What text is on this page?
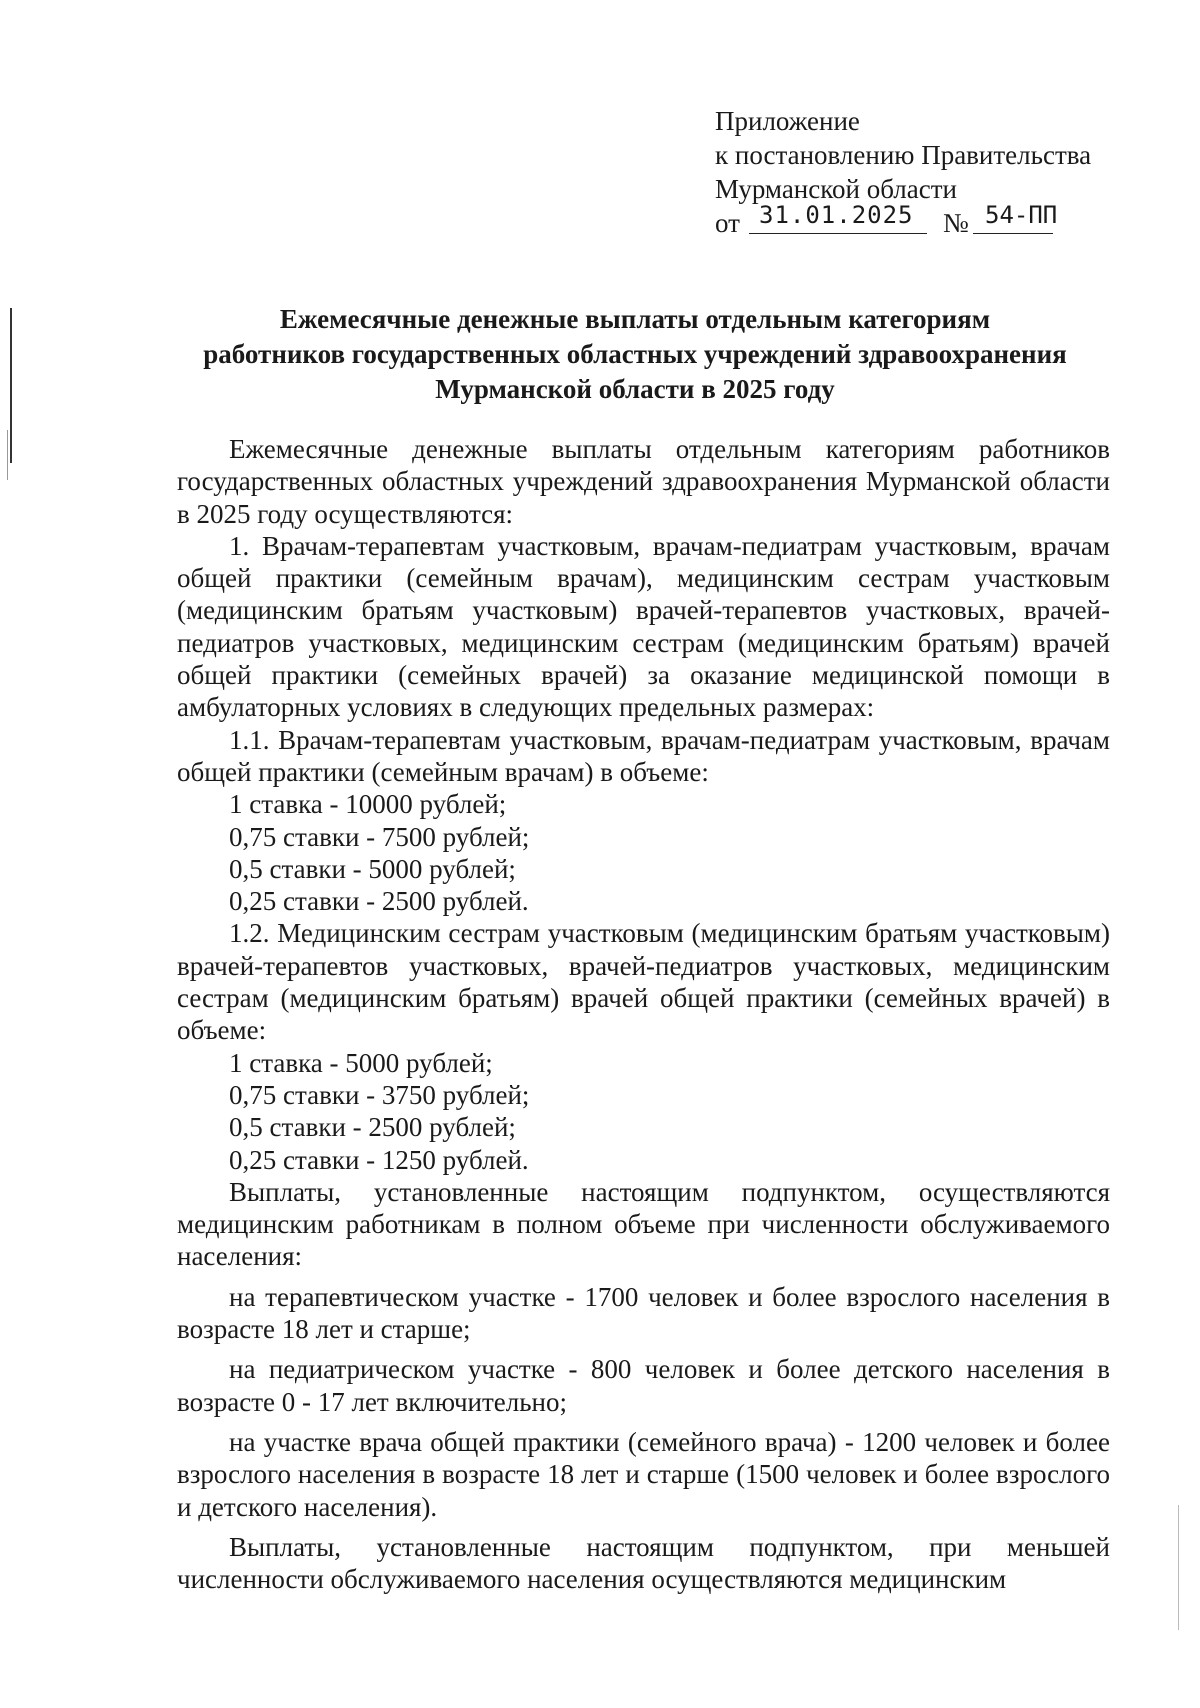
Приложение
к постановлению Правительства
Мурманской области
от 31.01.2025	№ 54-ПП
Ежемесячные денежные выплаты отдельным категориям
работников государственных областных учреждений здравоохранения
Мурманской области в 2025 году

Ежемесячные денежные выплаты отдельным категориям работников государственных областных учреждений здравоохранения Мурманской области в 2025 году осуществляются:

1. Врачам-терапевтам участковым, врачам-педиатрам участковым, врачам общей практики (семейным врачам), медицинским сестрам участковым (медицинским братьям участковым) врачей-терапевтов участковых, врачей-педиатров участковых, медицинским сестрам (медицинским братьям) врачей общей практики (семейных врачей) за оказание медицинской помощи в амбулаторных условиях в следующих предельных размерах:

1.1. Врачам-терапевтам участковым, врачам-педиатрам участковым, врачам общей практики (семейным врачам) в объеме:

1 ставка - 10000 рублей;
0,75 ставки - 7500 рублей;
0,5 ставки - 5000 рублей;
0,25 ставки - 2500 рублей.

1.2. Медицинским сестрам участковым (медицинским братьям участковым) врачей-терапевтов участковых, врачей-педиатров участковых, медицинским сестрам (медицинским братьям) врачей общей практики (семейных врачей) в объеме:

1 ставка - 5000 рублей;
0,75 ставки - 3750 рублей;
0,5 ставки - 2500 рублей;
0,25 ставки - 1250 рублей.

Выплаты, установленные настоящим подпунктом, осуществляются медицинским работникам в полном объеме при численности обслуживаемого населения:

на терапевтическом участке - 1700 человек и более взрослого населения в возрасте 18 лет и старше;

на педиатрическом участке - 800 человек и более детского населения в возрасте 0 - 17 лет включительно;

на участке врача общей практики (семейного врача) - 1200 человек и более взрослого населения в возрасте 18 лет и старше (1500 человек и более взрослого и детского населения).

Выплаты, установленные настоящим подпунктом, при меньшей численности обслуживаемого населения осуществляются медицинским
